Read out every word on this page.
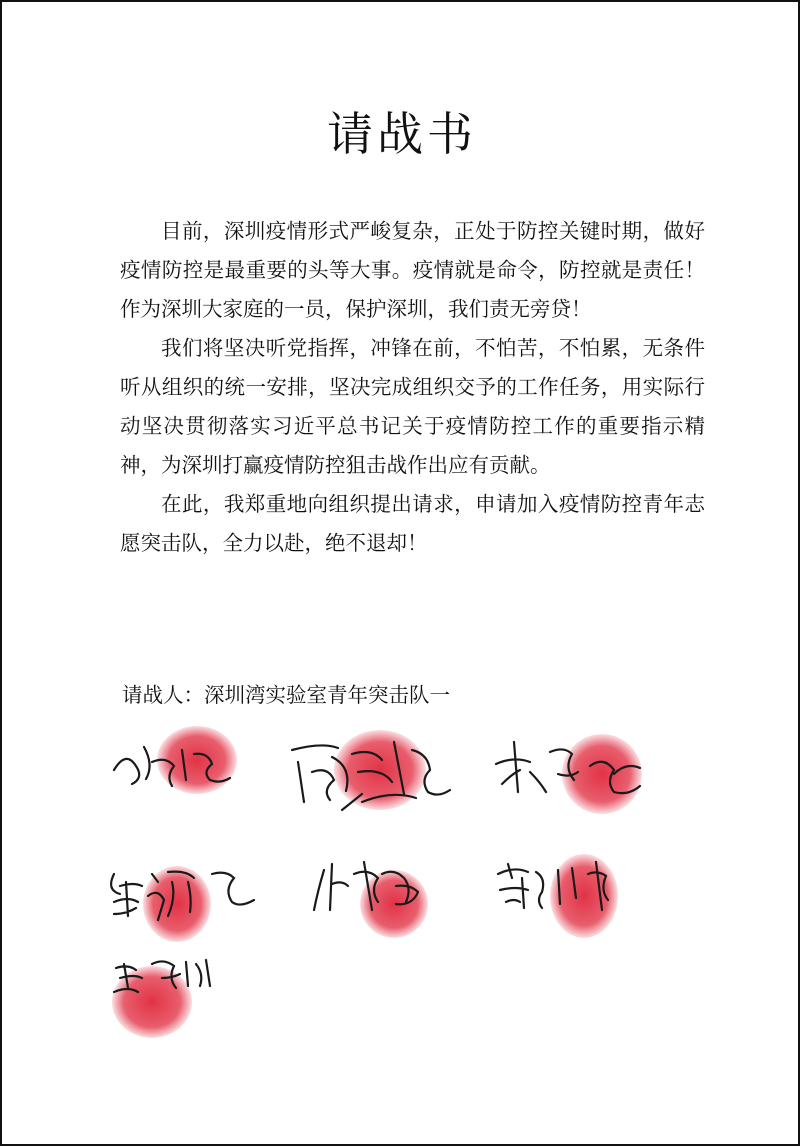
请战书

目前，深圳疫情形式严峻复杂，正处于防控关键时期，做好疫情防控是最重要的头等大事。疫情就是命令，防控就是责任！作为深圳大家庭的一员，保护深圳，我们责无旁贷！

我们将坚决听党指挥，冲锋在前，不怕苦，不怕累，无条件听从组织的统一安排，坚决完成组织交予的工作任务，用实际行动坚决贯彻落实习近平总书记关于疫情防控工作的重要指示精神，为深圳打赢疫情防控狙击战作出应有贡献。

在此，我郑重地向组织提出请求，申请加入疫情防控青年志愿突击队，全力以赴，绝不退却！

请战人：深圳湾实验室青年突击队一
